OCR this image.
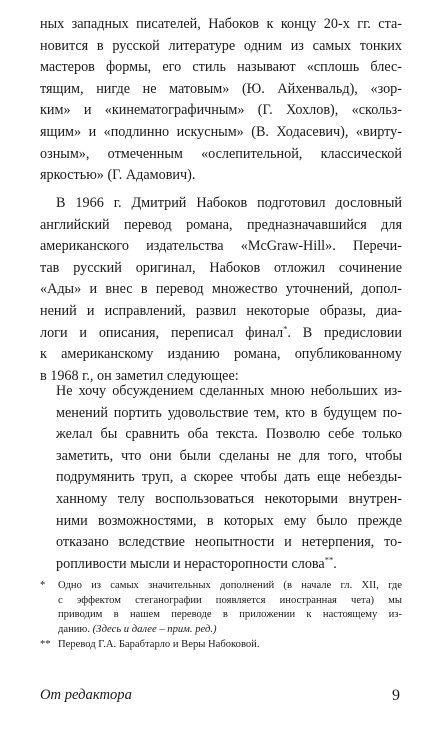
ных западных писателей, Набоков к концу 20-х гг. ста-
новится в русской литературе одним из самых тонких
мастеров формы, его стиль называют «сплошь блес-
тящим, нигде не матовым» (Ю. Айхенвальд), «зор-
ким» и «кинематографичным» (Г. Хохлов), «скольз-
ящим» и «подлинно искусным» (В. Ходасевич), «вирту-
озным», отмеченным «ослепительной, классической
яркостью» (Г. Адамович).
В 1966 г. Дмитрий Набоков подготовил дословный
английский перевод романа, предназначавшийся для
американского издательства «McGraw-Hill». Перечи-
тав русский оригинал, Набоков отложил сочинение
«Ады» и внес в перевод множество уточнений, допол-
нений и исправлений, развил некоторые образы, диа-
логи и описания, переписал финал*. В предисловии
к американскому изданию романа, опубликованному
в 1968 г., он заметил следующее:
Не хочу обсуждением сделанных мною небольших из-
менений портить удовольствие тем, кто в будущем по-
желал бы сравнить оба текста. Позволю себе только
заметить, что они были сделаны не для того, чтобы
подрумянить труп, а скорее чтобы дать еще небезды-
ханному телу воспользоваться некоторыми внутрен-
ними возможностями, в которых ему было прежде
отказано вследствие неопытности и нетерпения, то-
ропливости мысли и нерасторопности слова**.
* Одно из самых значительных дополнений (в начале гл. XII, где
с эффектом стеганографии появляется иностранная чета) мы
приводим в нашем переводе в приложении к настоящему из-
данию. (Здесь и далее – прим. ред.)
** Перевод Г.А. Барабтарло и Веры Набоковой.
От редактора	9
